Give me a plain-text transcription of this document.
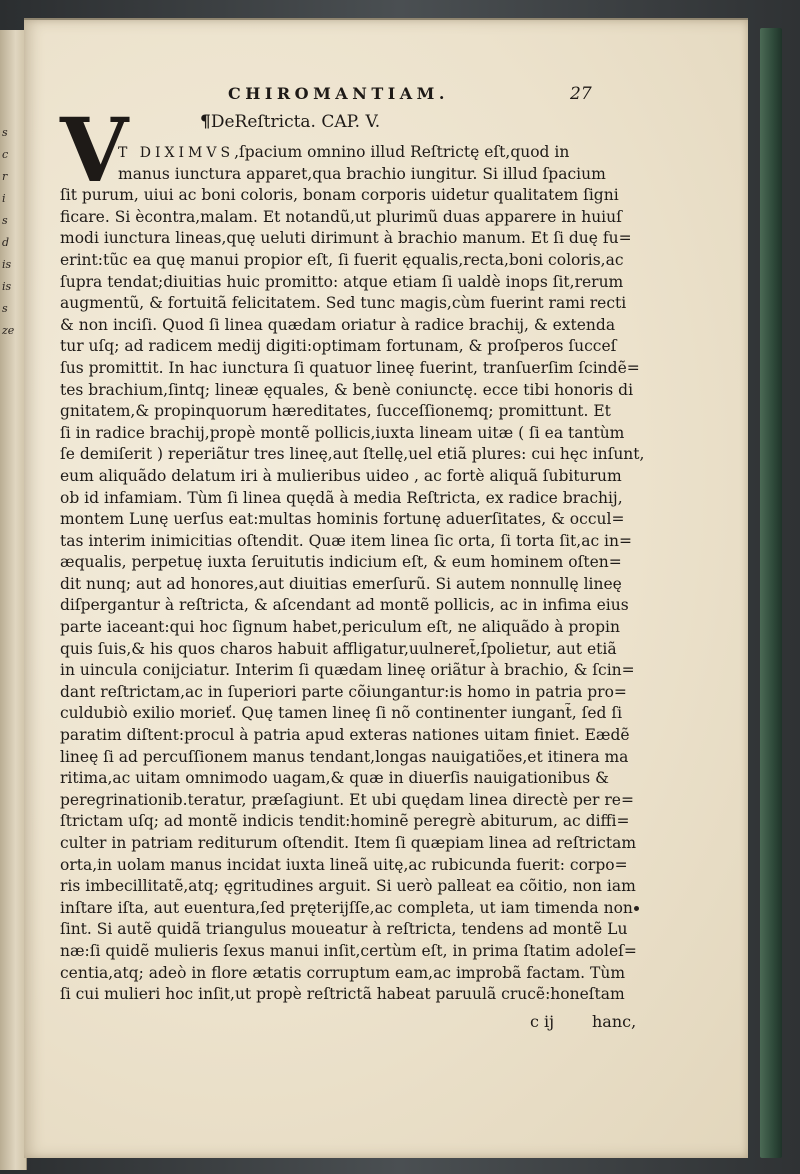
s
c
r
i
s
d
is
is
s
ze
CHIROMANTIAM.	27
¶DeReſtricta. CAP. V.
V
T DIXIMVS,ſpacium omnino illud Reſtrictę eſt,quod in
manus iunctura apparet,qua brachio iungitur. Si illud ſpacium
ſit purum, uiui ac boni coloris, bonam corporis uidetur qualitatem ſigni
ficare. Si ècontra,malam. Et notandũ,ut plurimũ duas apparere in huiuſ
modi iunctura lineas,quę ueluti dirimunt à brachio manum. Et ſi duę fu=
erint:tũc ea quę manui propior eſt, ſi fuerit ęqualis,recta,boni coloris,ac
ſupra tendat;diuitias huic promitto: atque etiam ſi ualdè inops ſit,rerum
augmentũ, & fortuitã felicitatem. Sed tunc magis,cùm fuerint rami recti
& non inciſi. Quod ſi linea quædam oriatur à radice brachij, & extenda
tur uſq; ad radicem medij digiti:optimam fortunam, & proſperos ſucceſ
ſus promittit. In hac iunctura ſi quatuor lineę fuerint, tranſuerſim ſcindẽ=
tes brachium,ſintq; lineæ ęquales, & benè coniunctę. ecce tibi honoris di
gnitatem,& propinquorum hæreditates, ſucceſſionemq; promittunt. Et
ſi in radice brachij,propè montẽ pollicis,iuxta lineam uitæ ( ſi ea tantùm
ſe demiſerit ) reperiãtur tres lineę,aut ſtellę,uel etiã plures: cui hęc inſunt,
eum aliquãdo delatum iri à mulieribus uideo , ac fortè aliquã ſubiturum
ob id infamiam. Tùm ſi linea quędã à media Reſtricta, ex radice brachij,
montem Lunę uerſus eat:multas hominis fortunę aduerſitates, & occul=
tas interim inimicitias oſtendit. Quæ item linea ſic orta, ſi torta ſit,ac in=
æqualis, perpetuę iuxta ſeruitutis indicium eſt, & eum hominem oſten=
dit nunq; aut ad honores,aut diuitias emerſurũ. Si autem nonnullę lineę
diſpergantur à reſtricta, & aſcendant ad montẽ pollicis, ac in infima eius
parte iaceant:qui hoc ſignum habet,periculum eſt, ne aliquãdo à propin
quis ſuis,& his quos charos habuit affligatur,uulneret̃,ſpolietur, aut etiã
in uincula conijciatur. Interim ſi quædam lineę oriãtur à brachio, & ſcin=
dant reſtrictam,ac in ſuperiori parte cõiungantur:is homo in patria pro=
culdubiò exilio morieť. Quę tamen lineę ſi nõ continenter iungant̃, ſed ſi
paratim diſtent:procul à patria apud exteras nationes uitam finiet. Eædẽ
lineę ſi ad percuſſionem manus tendant,longas nauigatiões,et itinera ma
ritima,ac uitam omnimodo uagam,& quæ in diuerſis nauigationibus &
peregrinationib.teratur, præſagiunt. Et ubi quędam linea directè per re=
ſtrictam uſq; ad montẽ indicis tendit:hominẽ peregrè abiturum, ac diffi=
culter in patriam rediturum oſtendit. Item ſi quæpiam linea ad reſtrictam
orta,in uolam manus incidat iuxta lineã uitę,ac rubicunda fuerit: corpo=
ris imbecillitatẽ,atq; ęgritudines arguit. Si uerò palleat ea cõitio, non iam
inſtare iſta, aut euentura,ſed pręterijſſe,ac completa, ut iam timenda non
ſint. Si autẽ quidã triangulus moueatur à reſtricta, tendens ad montẽ Lu
næ:ſi quidẽ mulieris ſexus manui inſit,certùm eſt, in prima ſtatim adoleſ=
centia,atq; adeò in flore ætatis corruptum eam,ac improbã factam. Tùm
ſi cui mulieri hoc inſit,ut propè reſtrictã habeat paruulã crucẽ:honeſtam
c ij hanc,
